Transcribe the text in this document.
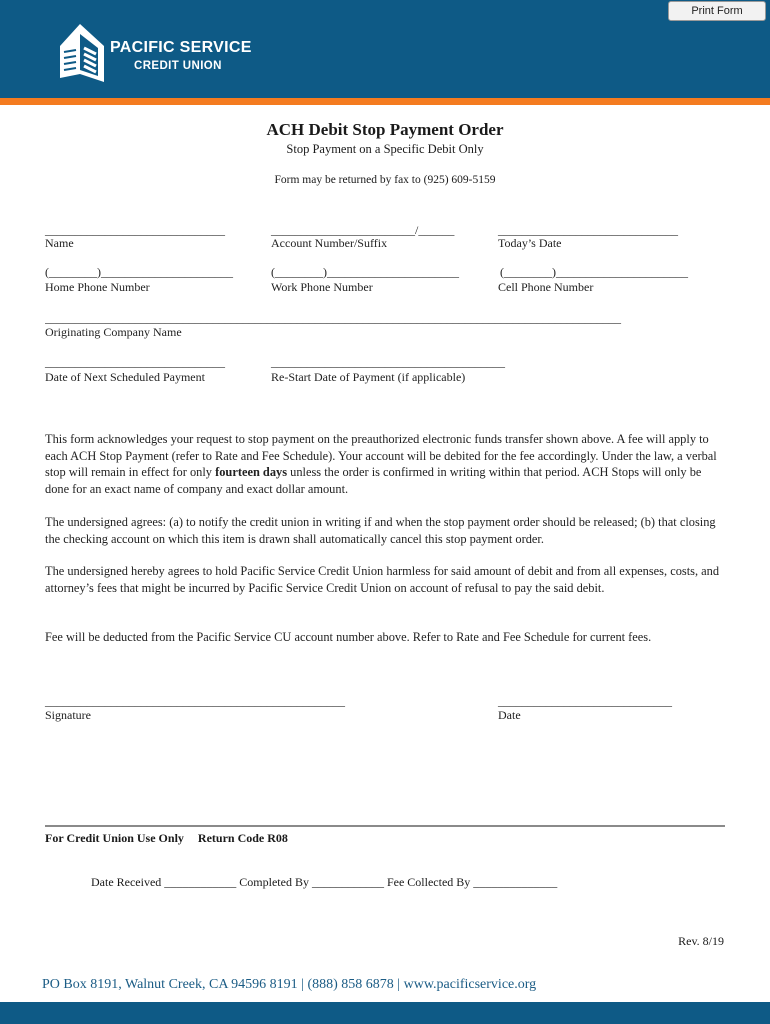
Print Form
PACIFIC SERVICE
CREDIT UNION
ACH Debit Stop Payment Order
Stop Payment on a Specific Debit Only
Form may be returned by fax to (925) 609-5159
______________________________
Name
________________________/______
Account Number/Suffix
______________________________
Today’s Date
(________)______________________
Home Phone Number
(________)______________________
Work Phone Number
(________)______________________
Cell Phone Number
________________________________________________________________________________________________
Originating Company Name
______________________________
Date of Next Scheduled Payment
_______________________________________
Re-Start Date of Payment (if applicable)
This form acknowledges your request to stop payment on the preauthorized electronic funds transfer shown above. A fee will apply to each ACH Stop Payment (refer to Rate and Fee Schedule). Your account will be debited for the fee accordingly. Under the law, a verbal stop will remain in effect for only fourteen days unless the order is confirmed in writing within that period. ACH Stops will only be done for an exact name of company and exact dollar amount.
The undersigned agrees: (a) to notify the credit union in writing if and when the stop payment order should be released; (b) that closing the checking account on which this item is drawn shall automatically cancel this stop payment order.
The undersigned hereby agrees to hold Pacific Service Credit Union harmless for said amount of debit and from all expenses, costs, and attorney’s fees that might be incurred by Pacific Service Credit Union on account of refusal to pay the said debit.
Fee will be deducted from the Pacific Service CU account number above. Refer to Rate and Fee Schedule for current fees.
__________________________________________________
Signature
_____________________________
Date
For Credit Union Use Only Return Code R08
Date Received ____________ Completed By ____________ Fee Collected By ______________
Rev. 8/19
PO Box 8191, Walnut Creek, CA 94596 8191 | (888) 858 6878 | www.pacificservice.org
